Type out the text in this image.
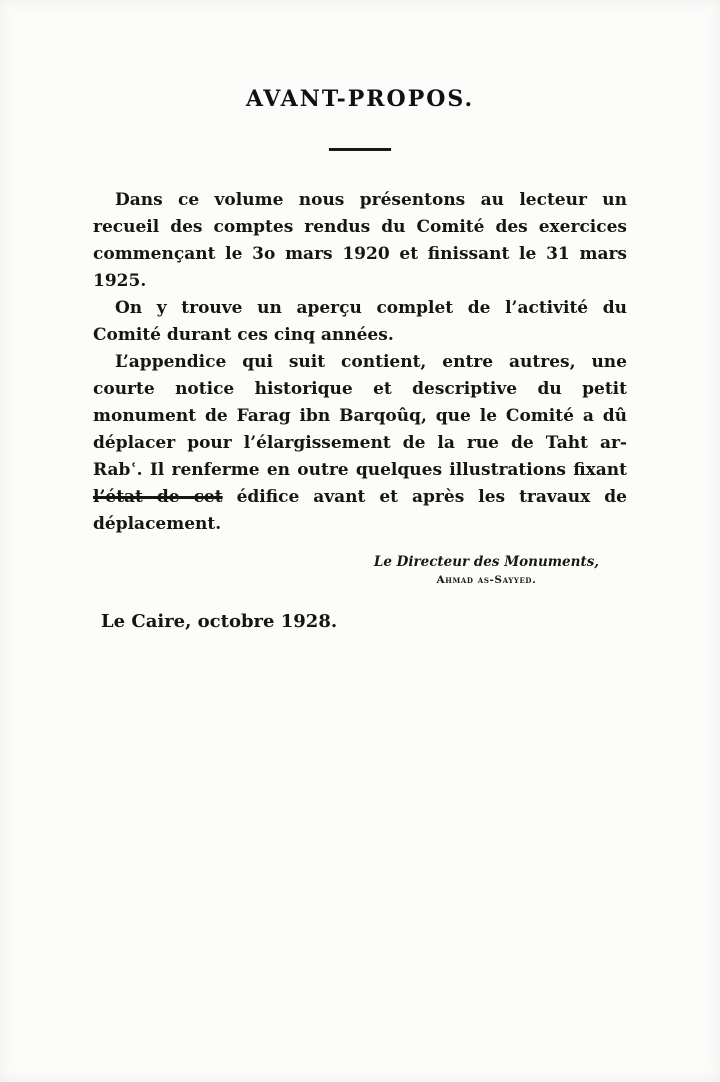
AVANT-PROPOS.

Dans ce volume nous présentons au lecteur un recueil des comptes rendus du Comité des exercices commençant le 3o mars 1920 et finissant le 31 mars 1925.

On y trouve un aperçu complet de l’activité du Comité durant ces cinq années.

L’appendice qui suit contient, entre autres, une courte notice historique et descriptive du petit monument de Farag ibn Barqoûq, que le Comité a dû déplacer pour l’élargissement de la rue de Taht ar-Rabʿ. Il renferme en outre quelques illustrations fixant l’état de cet édifice avant et après les travaux de déplacement.

Le Directeur des Monuments,
Ahmad as-Sayyed.
Le Caire, octobre 1928.
